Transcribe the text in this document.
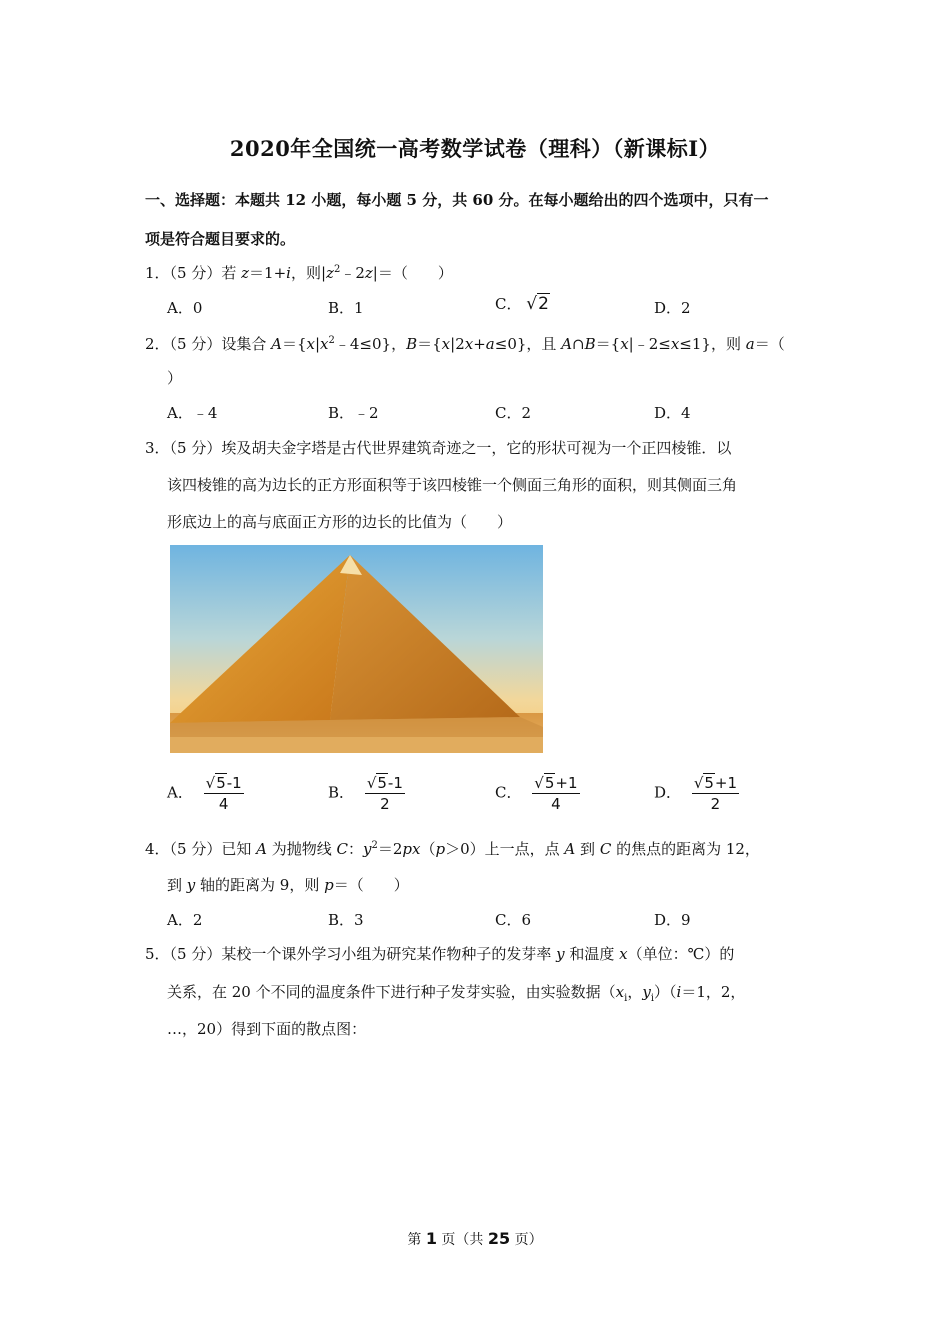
2020年全国统一高考数学试卷（理科）（新课标Ⅰ）
一、选择题：本题共 12 小题，每小题 5 分，共 60 分。在每小题给出的四个选项中，只有一
项是符合题目要求的。
1．（5 分）若 z＝1+i，则$|z^2﹣2z|=$（　　）
A．0	B．1	C． √2	D．2
2．（5 分）设集合 $A=\{x|x^2﹣4\le 0\}$，B＝{x|2x+a≤0}，且 A∩B＝{x|﹣2≤x≤1}，则 a＝（
）
A．﹣4	B．﹣2	C．2	D．4
3．（5 分）埃及胡夫金字塔是古代世界建筑奇迹之一，它的形状可视为一个正四棱锥．以
该四棱锥的高为边长的正方形面积等于该四棱锥一个侧面三角形的面积，则其侧面三角
形底边上的高与底面正方形的边长的比值为（　　）
A． $\frac{√5-1}{4}$	B． $\frac{√5-1}{2}$	C． $\frac{√5+1}{4}$	D． $\frac{√5+1}{2}$
4．（5 分）已知 A 为抛物线 C：$y^2=2px(p>0)$上一点，点 A 到 C 的焦点的距离为 12，
到 y 轴的距离为 9，则 p＝（　　）
A．2	B．3	C．6	D．9
5．（5 分）某校一个课外学习小组为研究某作物种子的发芽率 y 和温度 x（单位：℃）的
关系，在 20 个不同的温度条件下进行种子发芽实验，由实验数据（$x_i$，$y_i)(i=1$，2，
…，20）得到下面的散点图：
第 1 页（共 25 页）
